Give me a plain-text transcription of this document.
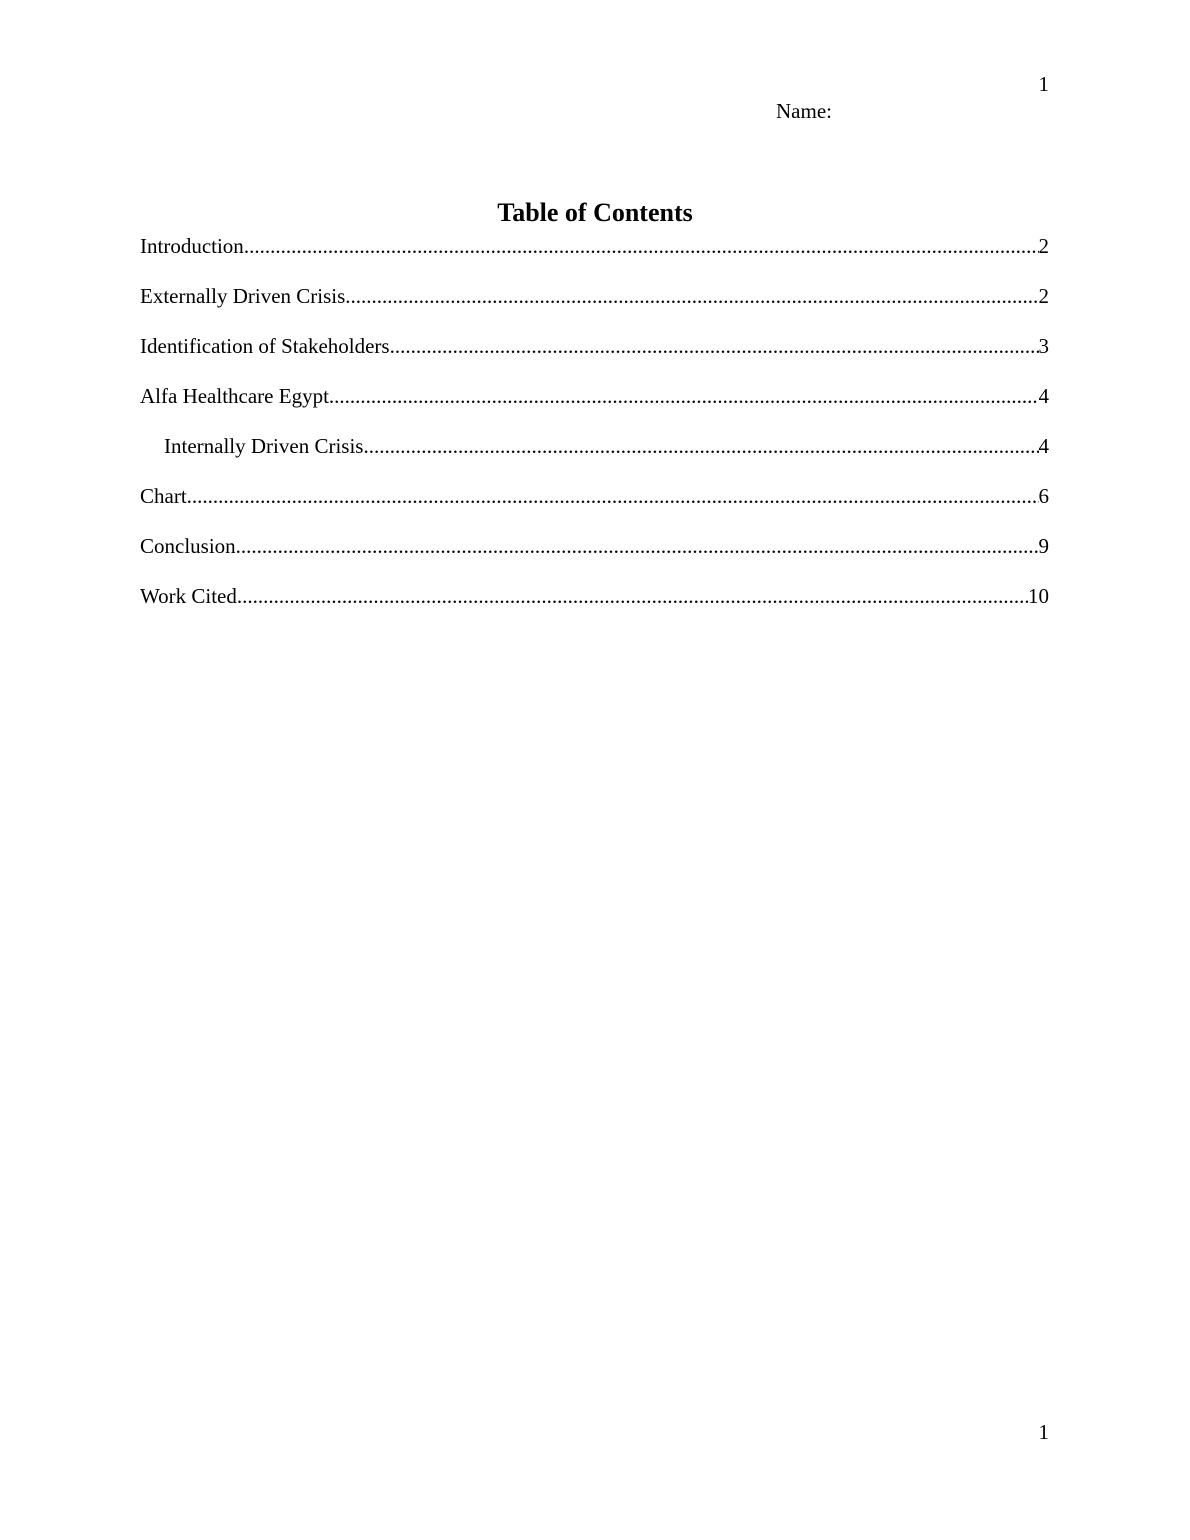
1
Name:
Table of Contents
Introduction .....	2
Externally Driven Crisis .....	2
Identification of Stakeholders .....	3
Alfa Healthcare Egypt .....	4
Internally Driven Crisis .....	4
Chart .....	6
Conclusion .....	9
Work Cited .....	10
1
